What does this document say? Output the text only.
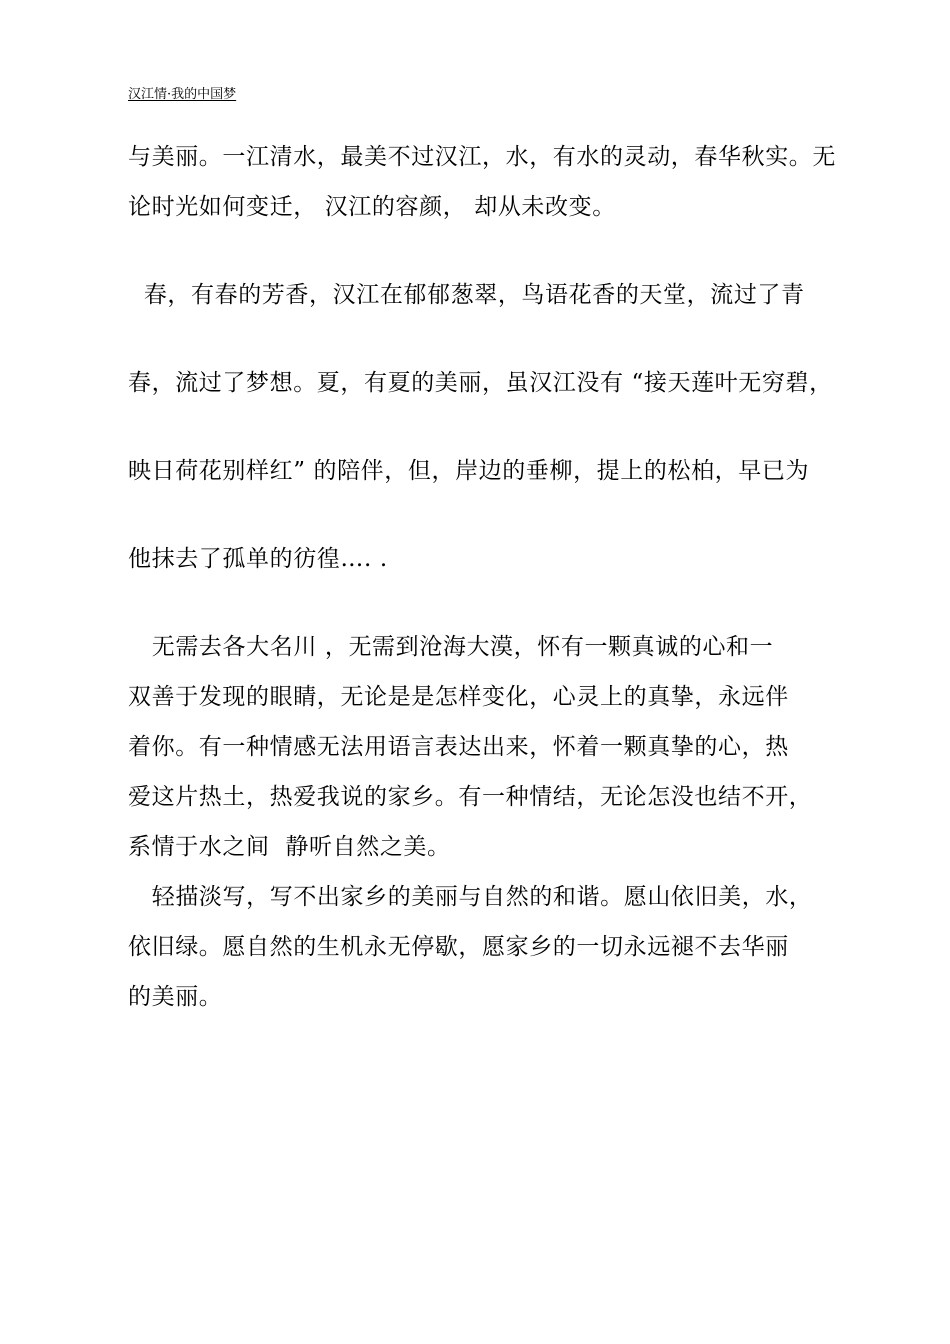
汉江情·我的中国梦
与美丽。一江清水，最美不过汉江，水，有水的灵动，春华秋实。无
论时光如何变迁， 汉江的容颜， 却从未改变。

春，有春的芳香，汉江在郁郁葱翠，鸟语花香的天堂，流过了青

春，流过了梦想。夏，有夏的美丽，虽汉江没有 “接天莲叶无穷碧，

映日荷花别样红” 的陪伴，但，岸边的垂柳，提上的松柏，早已为

他抹去了孤单的彷徨…. .

无需去各大名川 ，无需到沧海大漠，怀有一颗真诚的心和一
双善于发现的眼睛，无论是是怎样变化，心灵上的真挚，永远伴
着你。有一种情感无法用语言表达出来，怀着一颗真挚的心，热
爱这片热土，热爱我说的家乡。有一种情结，无论怎没也结不开，
系情于水之间  静听自然之美。
轻描淡写，写不出家乡的美丽与自然的和谐。愿山依旧美，水，
依旧绿。愿自然的生机永无停歇，愿家乡的一切永远褪不去华丽
的美丽。
